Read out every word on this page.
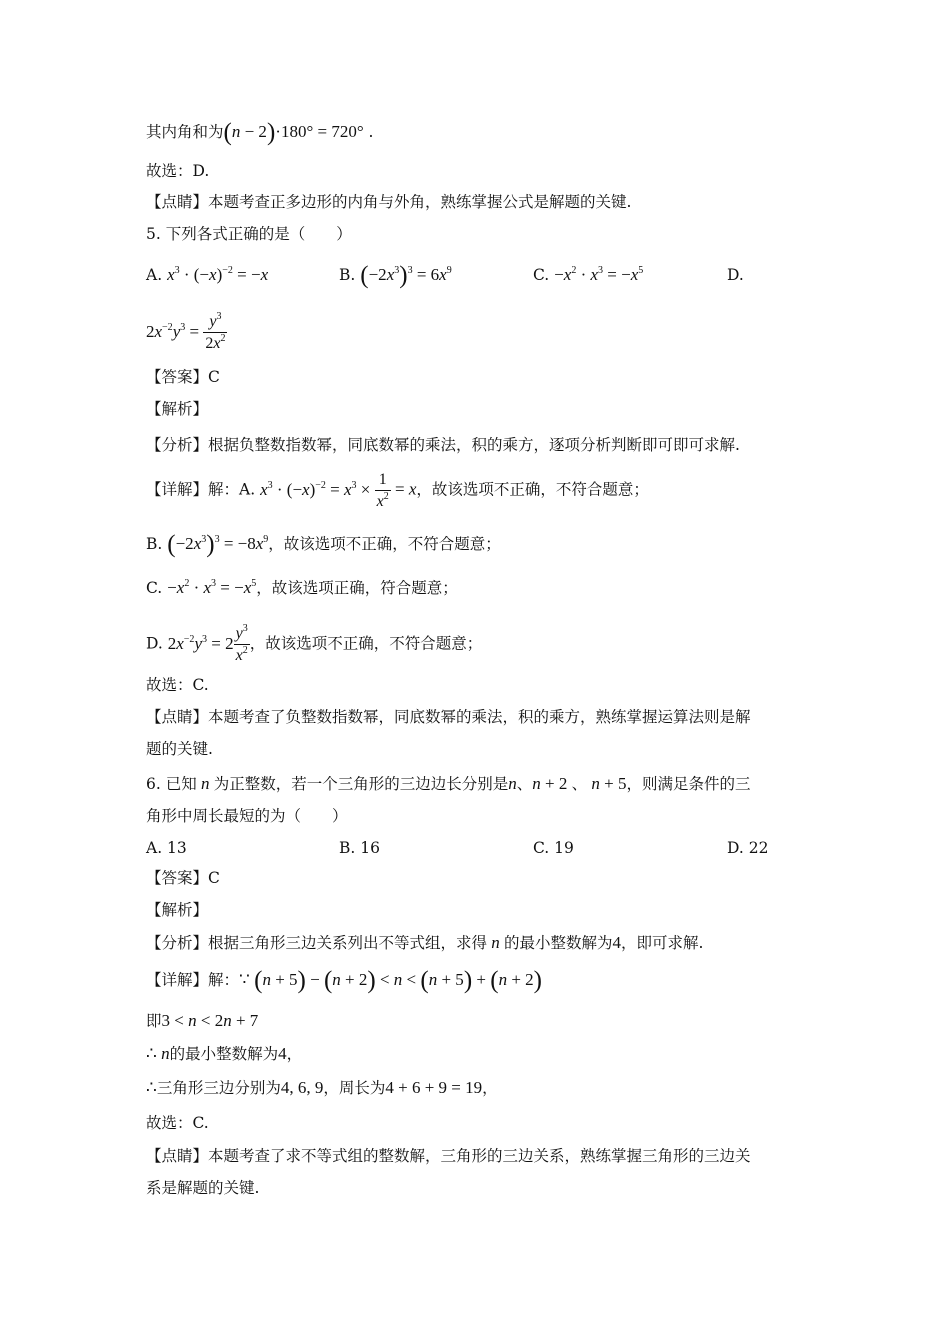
其内角和为(n − 2)·180° = 720° .
故选：D.
【点睛】本题考查正多边形的内角与外角，熟练掌握公式是解题的关键.
5. 下列各式正确的是（　　）
A. $x^3 \cdot (-x)^{-2} = -x$	B. $(-2x^3)^3 = 6x^9$	C. $-x^2 \cdot x^3 = -x^5$	D.
$2x^{-2}y^3 = \frac{y^3}{2x^2}$
【答案】C
【解析】
【分析】根据负整数指数幂，同底数幂的乘法，积的乘方，逐项分析判断即可即可求解.
【详解】解：A. $x^3 \cdot (-x)^{-2} = x^3 \times \frac{1}{x^2} = x$，故该选项不正确，不符合题意；
B. $(-2x^3)^3 = -8x^9$，故该选项不正确，不符合题意；
C. $-x^2 \cdot x^3 = -x^5$，故该选项正确，符合题意；
D. $2x^{-2}y^3 = 2 \frac{y^3}{x^2}$ ，故该选项不正确，不符合题意；
故选：C.
【点睛】本题考查了负整数指数幂，同底数幂的乘法，积的乘方，熟练掌握运算法则是解
题的关键.
6. 已知 n 为正整数，若一个三角形的三边边长分别是n、n + 2 、 n + 5，则满足条件的三
角形中周长最短的为（　　）
A. 13	B. 16	C. 19	D. 22
【答案】C
【解析】
【分析】根据三角形三边关系列出不等式组，求得 n 的最小整数解为4，即可求解.
【详解】解：∵ (n + 5) − (n + 2) < n < (n + 5) + (n + 2)
即3 < n < 2n + 7
∴ n的最小整数解为4，
∴三角形三边分别为4, 6, 9，周长为4 + 6 + 9 = 19，
故选：C.
【点睛】本题考查了求不等式组的整数解，三角形的三边关系，熟练掌握三角形的三边关
系是解题的关键.
